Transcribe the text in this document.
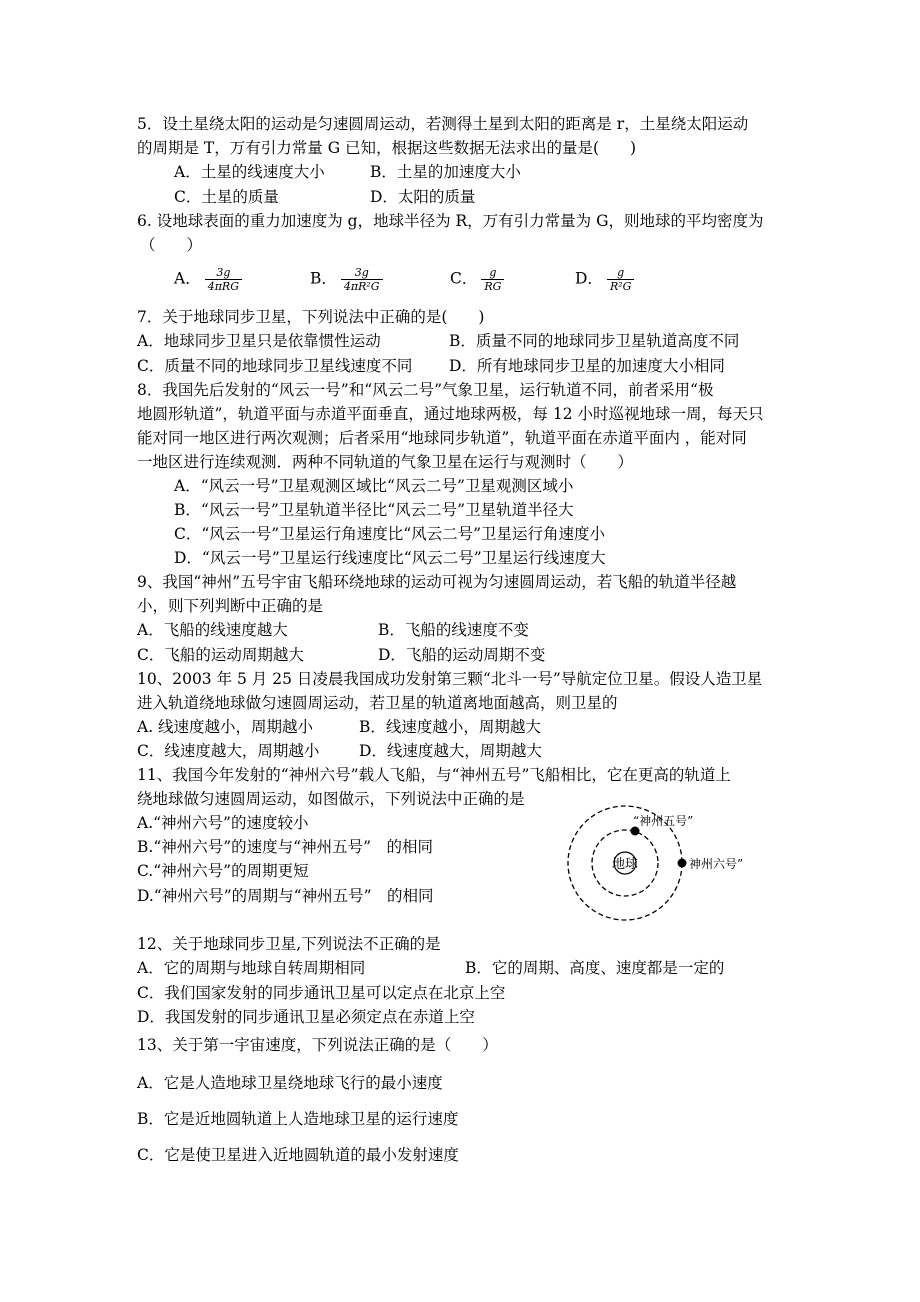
5．设土星绕太阳的运动是匀速圆周运动，若测得土星到太阳的距离是 r，土星绕太阳运动
的周期是 T，万有引力常量 G 已知，根据这些数据无法求出的量是(　　)
A．土星的线速度大小	B．土星的加速度大小
C．土星的质量	D．太阳的质量
6. 设地球表面的重力加速度为 g，地球半径为 R，万有引力常量为 G，则地球的平均密度为
（　　）
A． $\frac{3g}{\text{4πRG}}$	B． $\frac{3g}{\text{4πR²G}}$	C． $\frac{g}{RG}$	D． $\frac{g}{\text{R²G}}$
7．关于地球同步卫星，下列说法中正确的是(　　)
A．地球同步卫星只是依靠惯性运动	B．质量不同的地球同步卫星轨道高度不同
C．质量不同的地球同步卫星线速度不同 D．所有地球同步卫星的加速度大小相同
8．我国先后发射的“风云一号”和“风云二号”气象卫星，运行轨道不同，前者采用“极
地圆形轨道”，轨道平面与赤道平面垂直，通过地球两极，每 12 小时巡视地球一周，每天只
能对同一地区进行两次观测；后者采用“地球同步轨道”，轨道平面在赤道平面内 ，能对同
一地区进行连续观测．两种不同轨道的气象卫星在运行与观测时（　　）
A．“风云一号”卫星观测区域比“风云二号”卫星观测区域小
B．“风云一号”卫星轨道半径比“风云二号”卫星轨道半径大
C．“风云一号”卫星运行角速度比“风云二号”卫星运行角速度小
D．“风云一号”卫星运行线速度比“风云二号”卫星运行线速度大
9、我国“神州”五号宇宙飞船环绕地球的运动可视为匀速圆周运动，若飞船的轨道半径越
小，则下列判断中正确的是
A．飞船的线速度越大	B．飞船的线速度不变
C．飞船的运动周期越大	D．飞船的运动周期不变
10、2003 年 5 月 25 日凌晨我国成功发射第三颗“北斗一号”导航定位卫星。假设人造卫星
进入轨道绕地球做匀速圆周运动，若卫星的轨道离地面越高，则卫星的
A. 线速度越小，周期越小	B．线速度越小，周期越大
C．线速度越大，周期越小	D．线速度越大，周期越大
11、我国今年发射的“神州六号”载人飞船，与“神州五号”飞船相比，它在更高的轨道上
绕地球做匀速圆周运动，如图做示，下列说法中正确的是
A.“神州六号”的速度较小
B.“神州六号”的速度与“神州五号”　的相同
C.“神州六号”的周期更短
D.“神州六号”的周期与“神州五号”　的相同
地球
“神州五号”
神州六号”
12、关于地球同步卫星,下列说法不正确的是
A．它的周期与地球自转周期相同	B．它的周期、高度、速度都是一定的
C．我们国家发射的同步通讯卫星可以定点在北京上空
D．我国发射的同步通讯卫星必须定点在赤道上空
13、关于第一宇宙速度，下列说法正确的是（　　）
A．它是人造地球卫星绕地球飞行的最小速度
B．它是近地圆轨道上人造地球卫星的运行速度
C．它是使卫星进入近地圆轨道的最小发射速度
